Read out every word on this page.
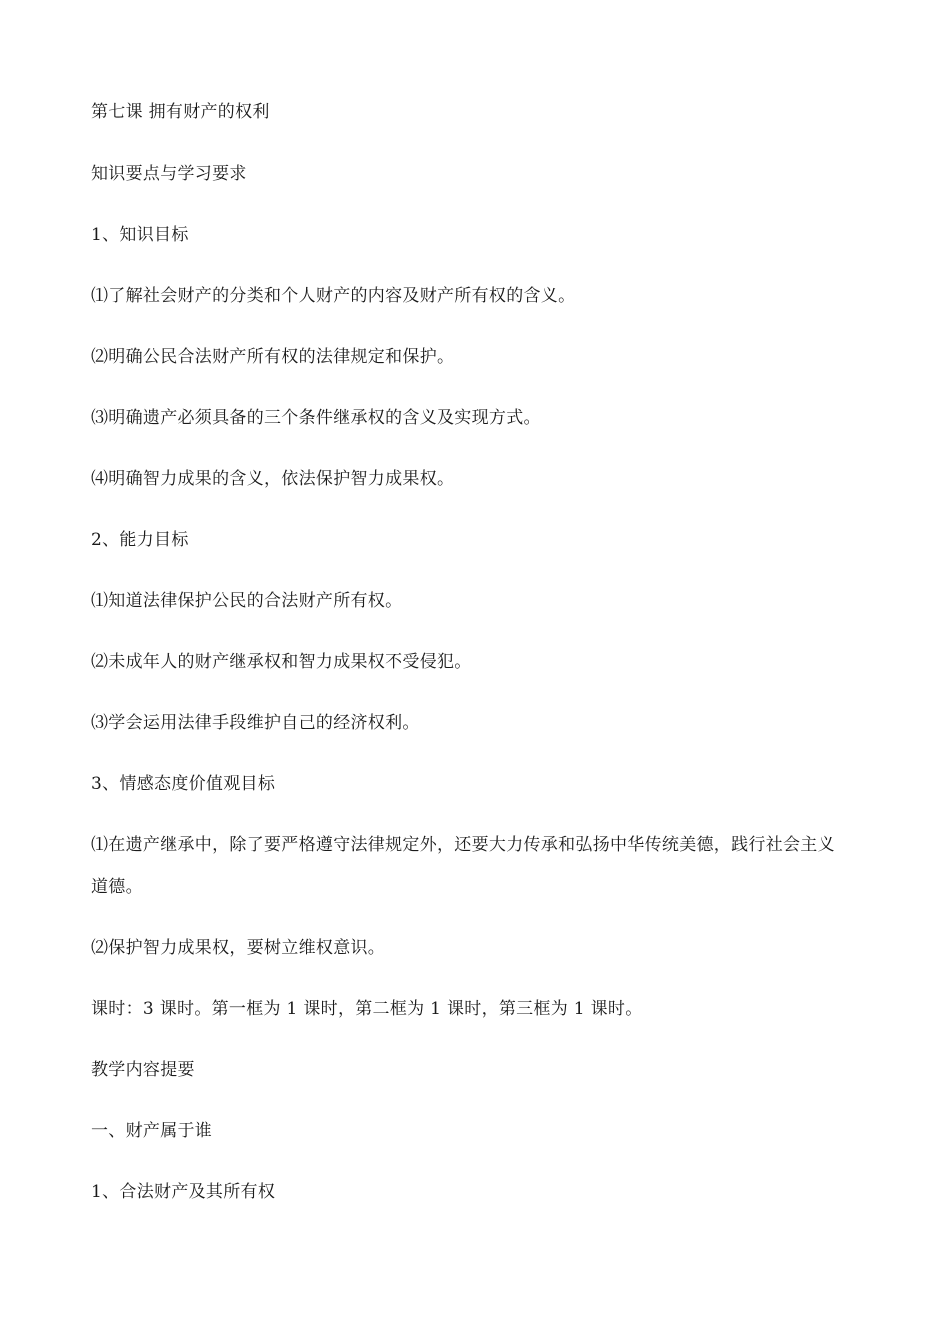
第七课 拥有财产的权利
知识要点与学习要求
1、知识目标
⑴了解社会财产的分类和个人财产的内容及财产所有权的含义。
⑵明确公民合法财产所有权的法律规定和保护。
⑶明确遗产必须具备的三个条件继承权的含义及实现方式。
⑷明确智力成果的含义，依法保护智力成果权。
2、能力目标
⑴知道法律保护公民的合法财产所有权。
⑵未成年人的财产继承权和智力成果权不受侵犯。
⑶学会运用法律手段维护自己的经济权利。
3、情感态度价值观目标
⑴在遗产继承中，除了要严格遵守法律规定外，还要大力传承和弘扬中华传统美德，践行社会主义道德。
⑵保护智力成果权，要树立维权意识。
课时：3 课时。第一框为 1 课时，第二框为 1 课时，第三框为 1 课时。
教学内容提要
一、财产属于谁
1、合法财产及其所有权
